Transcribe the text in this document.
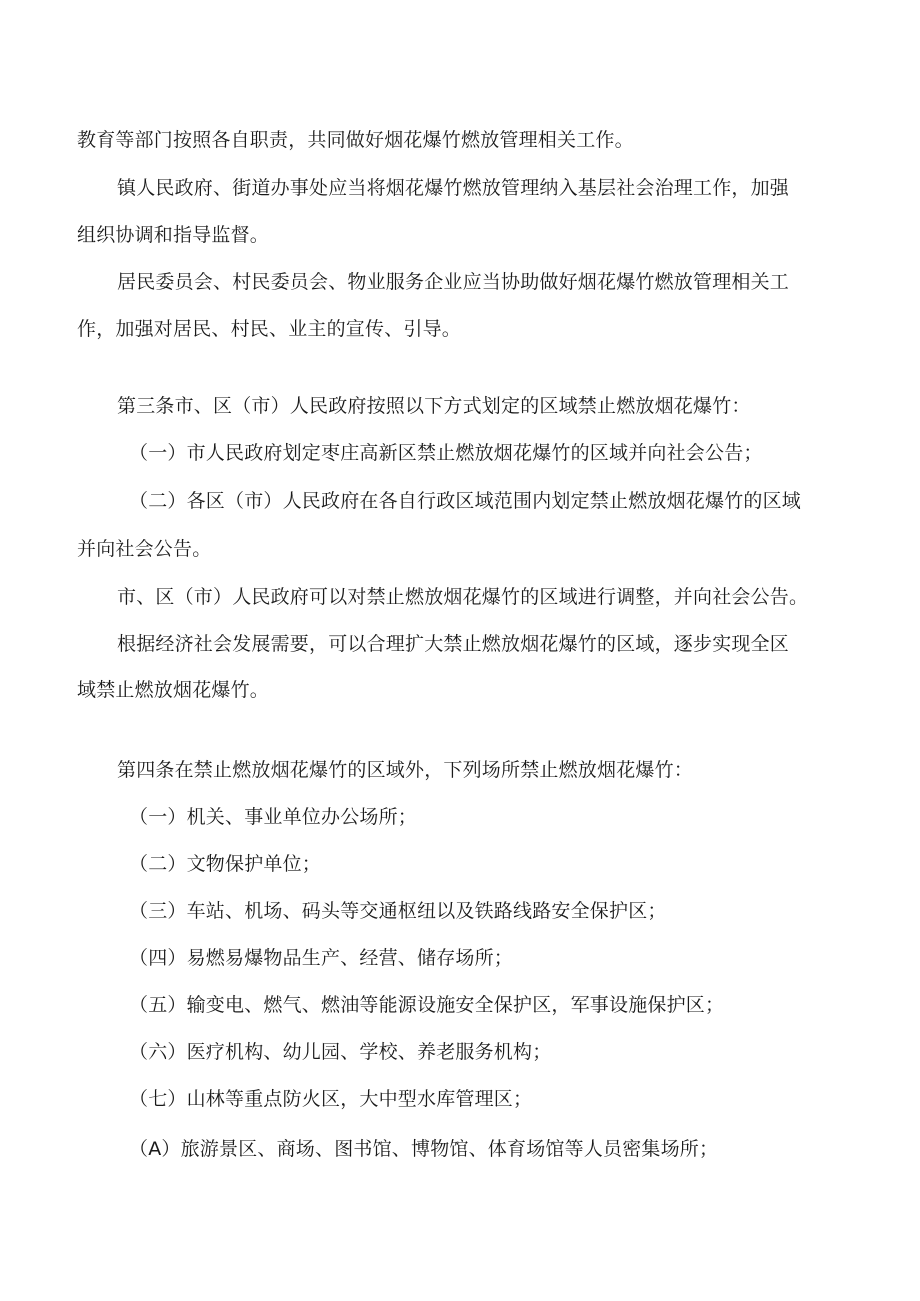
教育等部门按照各自职责，共同做好烟花爆竹燃放管理相关工作。
镇人民政府、街道办事处应当将烟花爆竹燃放管理纳入基层社会治理工作，加强
组织协调和指导监督。
居民委员会、村民委员会、物业服务企业应当协助做好烟花爆竹燃放管理相关工
作，加强对居民、村民、业主的宣传、引导。
第三条市、区（市）人民政府按照以下方式划定的区域禁止燃放烟花爆竹：
（一）市人民政府划定枣庄高新区禁止燃放烟花爆竹的区域并向社会公告；
（二）各区（市）人民政府在各自行政区域范围内划定禁止燃放烟花爆竹的区域
并向社会公告。
市、区（市）人民政府可以对禁止燃放烟花爆竹的区域进行调整，并向社会公告。
根据经济社会发展需要，可以合理扩大禁止燃放烟花爆竹的区域，逐步实现全区
域禁止燃放烟花爆竹。
第四条在禁止燃放烟花爆竹的区域外，下列场所禁止燃放烟花爆竹：
（一）机关、事业单位办公场所；
（二）文物保护单位；
（三）车站、机场、码头等交通枢纽以及铁路线路安全保护区；
（四）易燃易爆物品生产、经营、储存场所；
（五）输变电、燃气、燃油等能源设施安全保护区，军事设施保护区；
（六）医疗机构、幼儿园、学校、养老服务机构；
（七）山林等重点防火区，大中型水库管理区；
（A）旅游景区、商场、图书馆、博物馆、体育场馆等人员密集场所；
